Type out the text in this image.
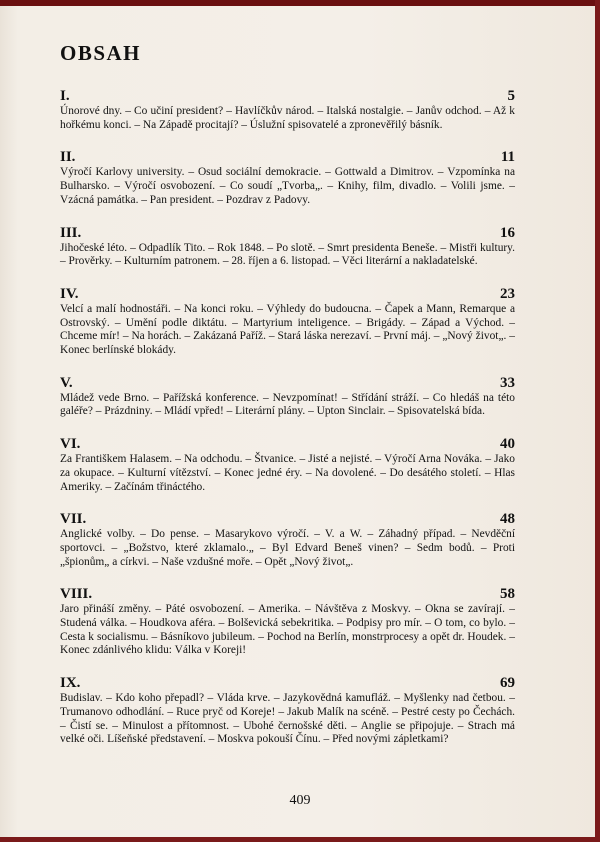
OBSAH
I.	5
Únorové dny. – Co učiní president? – Havlíčkův národ. – Italská nostalgie. – Janův odchod. – Až k hořkému konci. – Na Západě procitají? – Úslužní spisovatelé a zpronevěřilý básník.
II.	11
Výročí Karlovy university. – Osud sociální demokracie. – Gottwald a Dimitrov. – Vzpomínka na Bulharsko. – Výročí osvobození. – Co soudí „Tvorba„. – Knihy, film, divadlo. – Volili jsme. – Vzácná památka. – Pan president. – Pozdrav z Padovy.
III.	16
Jihočeské léto. – Odpadlík Tito. – Rok 1848. – Po slotě. – Smrt presidenta Beneše. – Mistři kultury. – Prověrky. – Kulturním patronem. – 28. říjen a 6. listopad. – Věci literární a nakladatelské.
IV.	23
Velcí a malí hodnostáři. – Na konci roku. – Výhledy do budoucna. – Čapek a Mann, Remarque a Ostrovský. – Umění podle diktátu. – Martyrium inteligence. – Brigády. – Západ a Východ. – Chceme mír! – Na horách. – Zakázaná Paříž. – Stará láska nerezaví. – První máj. – „Nový život„. – Konec berlínské blokády.
V.	33
Mládež vede Brno. – Pařížská konference. – Nevzpomínat! – Střídání stráží. – Co hledáš na této galéře? – Prázdniny. – Mládí vpřed! – Literární plány. – Upton Sinclair. – Spisovatelská bída.
VI.	40
Za Františkem Halasem. – Na odchodu. – Štvanice. – Jisté a nejisté. – Výročí Arna Nováka. – Jako za okupace. – Kulturní vítězství. – Konec jedné éry. – Na dovolené. – Do desátého století. – Hlas Ameriky. – Začínám třináctého.
VII.	48
Anglické volby. – Do pense. – Masarykovo výročí. – V. a W. – Záhadný případ. – Nevděční sportovci. – „Božstvo, které zklamalo.„ – Byl Edvard Beneš vinen? – Sedm bodů. – Proti „špionům„ a církvi. – Naše vzdušné moře. – Opět „Nový život„.
VIII.	58
Jaro přináší změny. – Páté osvobození. – Amerika. – Návštěva z Moskvy. – Okna se zavírají. – Studená válka. – Houdkova aféra. – Bolševická sebekritika. – Podpisy pro mír. – O tom, co bylo. – Cesta k socialismu. – Básníkovo jubileum. – Pochod na Berlín, monstrprocesy a opět dr. Houdek. – Konec zdánlivého klidu: Válka v Koreji!
IX.	69
Budislav. – Kdo koho přepadl? – Vláda krve. – Jazykovědná kamufláž. – Myšlenky nad četbou. – Trumanovo odhodlání. – Ruce pryč od Koreje! – Jakub Malík na scéně. – Pestré cesty po Čechách. – Čistí se. – Minulost a přítomnost. – Ubohé černošské děti. – Anglie se připojuje. – Strach má velké oči. Líšeňské představení. – Moskva pokouší Čínu. – Před novými zápletkami?
409
